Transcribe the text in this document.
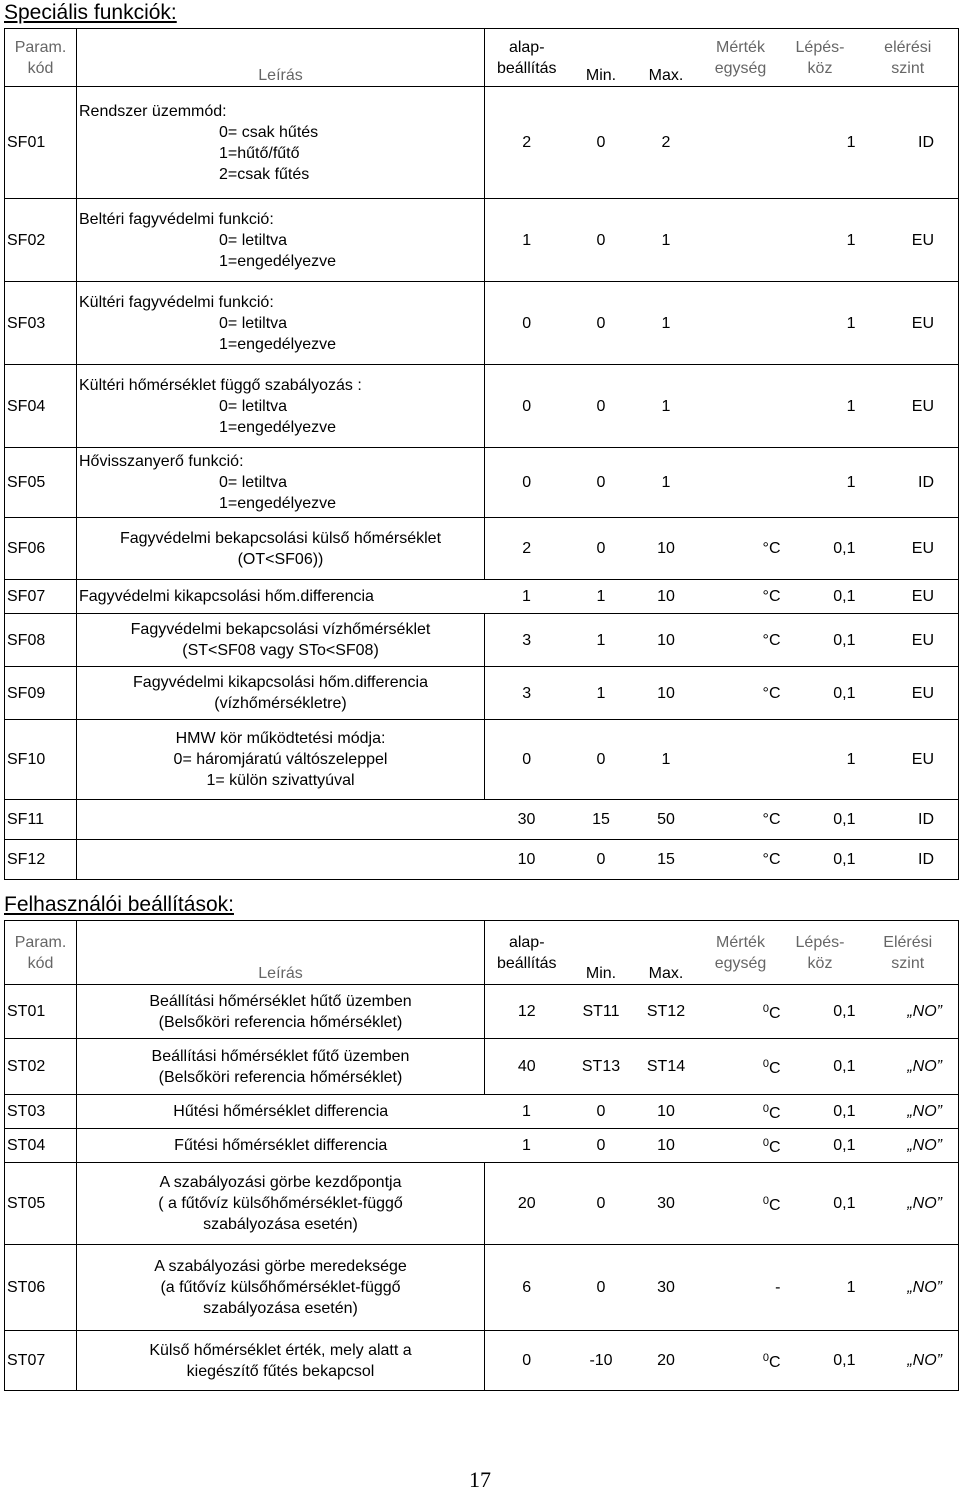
Speciális funkciók:
Param.
kód	Leírás	alap-
beállítás	Min.	Max.	Mérték
egység	Lépés-
köz	elérési
szint
SF01	Rendszer üzemmód:
0= csak hűtés
1=hűtő/fűtő
2=csak fűtés	2	0	2		1	ID
SF02	Beltéri fagyvédelmi funkció:
0= letiltva
1=engedélyezve	1	0	1		1	EU
SF03	Kültéri fagyvédelmi funkció:
0= letiltva
1=engedélyezve	0	0	1		1	EU
SF04	Kültéri hőmérséklet függő szabályozás :
0= letiltva
1=engedélyezve	0	0	1		1	EU
SF05	Hővisszanyerő funkció:
0= letiltva
1=engedélyezve	0	0	1		1	ID
SF06	Fagyvédelmi bekapcsolási külső hőmérséklet
(OT<SF06))	2	0	10	°C	0,1	EU
SF07	Fagyvédelmi kikapcsolási hőm.differencia	1	1	10	°C	0,1	EU
SF08	Fagyvédelmi bekapcsolási vízhőmérséklet
(ST<SF08 vagy STo<SF08)	3	1	10	°C	0,1	EU
SF09	Fagyvédelmi kikapcsolási hőm.differencia
(vízhőmérsékletre)	3	1	10	°C	0,1	EU
SF10	HMW kör működtetési módja:
0= háromjáratú váltószeleppel
1= külön szivattyúval	0	0	1		1	EU
SF11		30	15	50	°C	0,1	ID
SF12		10	0	15	°C	0,1	ID
Felhasználói beállítások:
Param.
kód	Leírás	alap-
beállítás	Min.	Max.	Mérték
egység	Lépés-
köz	Elérési
szint
ST01	Beállítási hőmérséklet hűtő üzemben
(Belsőköri referencia hőmérséklet)	12	ST11	ST12	$^0$C	0,1	„NO”
ST02	Beállítási hőmérséklet fűtő üzemben
(Belsőköri referencia hőmérséklet)	40	ST13	ST14	$^0$C	0,1	„NO”
ST03	Hűtési hőmérséklet differencia	1	0	10	$^0$C	0,1	„NO”
ST04	Fűtési hőmérséklet differencia	1	0	10	$^0$C	0,1	„NO”
ST05	A szabályozási görbe kezdőpontja
( a fűtővíz külsőhőmérséklet-függő
szabályozása esetén)	20	0	30	$^0$C	0,1	„NO”
ST06	A szabályozási görbe meredeksége
(a fűtővíz külsőhőmérséklet-függő
szabályozása esetén)	6	0	30	-	1	„NO”
ST07	Külső hőmérséklet érték, mely alatt a
kiegészítő fűtés bekapcsol	0	-10	20	$^0$C	0,1	„NO”
17
